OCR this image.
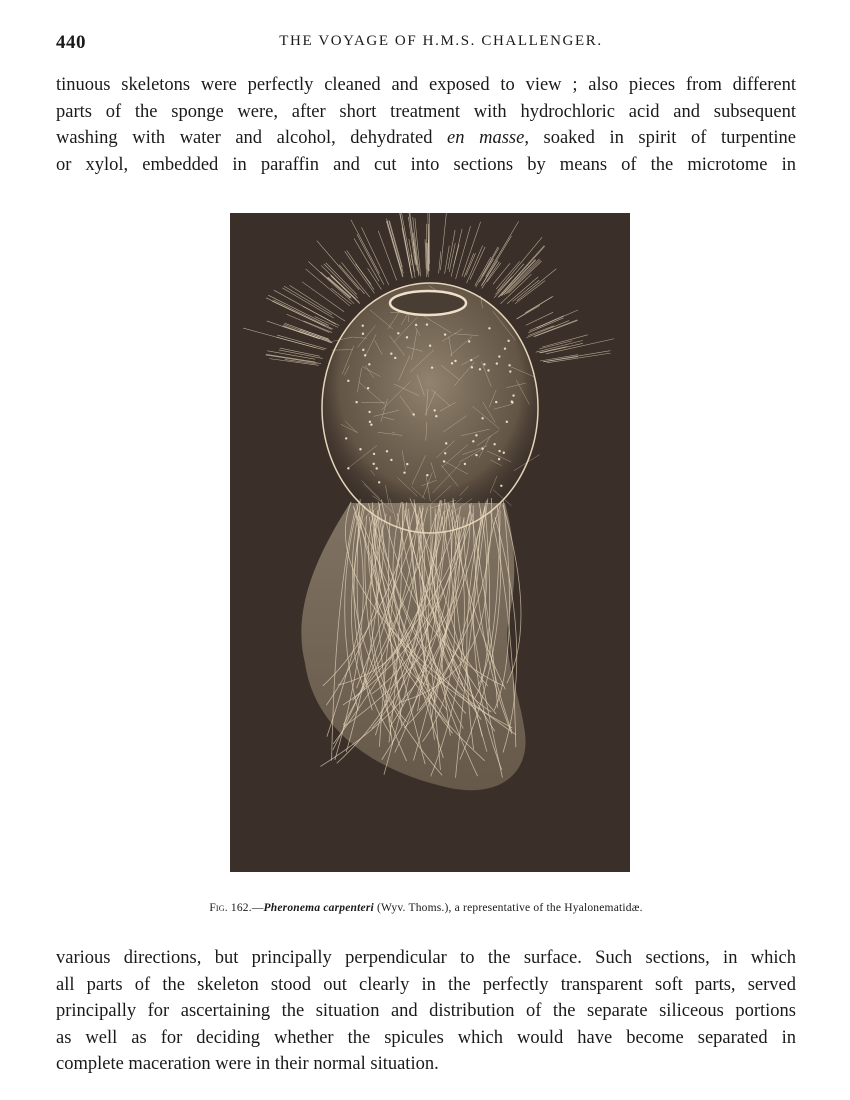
440	THE VOYAGE OF H.M.S. CHALLENGER.
tinuous skeletons were perfectly cleaned and exposed to view ; also pieces from different
parts of the sponge were, after short treatment with hydrochloric acid and subsequent
washing with water and alcohol, dehydrated en masse, soaked in spirit of turpentine
or xylol, embedded in paraffin and cut into sections by means of the microtome in
Fig. 162.—Pheronema carpenteri (Wyv. Thoms.), a representative of the Hyalonematidæ.
various directions, but principally perpendicular to the surface. Such sections, in which
all parts of the skeleton stood out clearly in the perfectly transparent soft parts, served
principally for ascertaining the situation and distribution of the separate siliceous portions
as well as for deciding whether the spicules which would have become separated in
complete maceration were in their normal situation.
